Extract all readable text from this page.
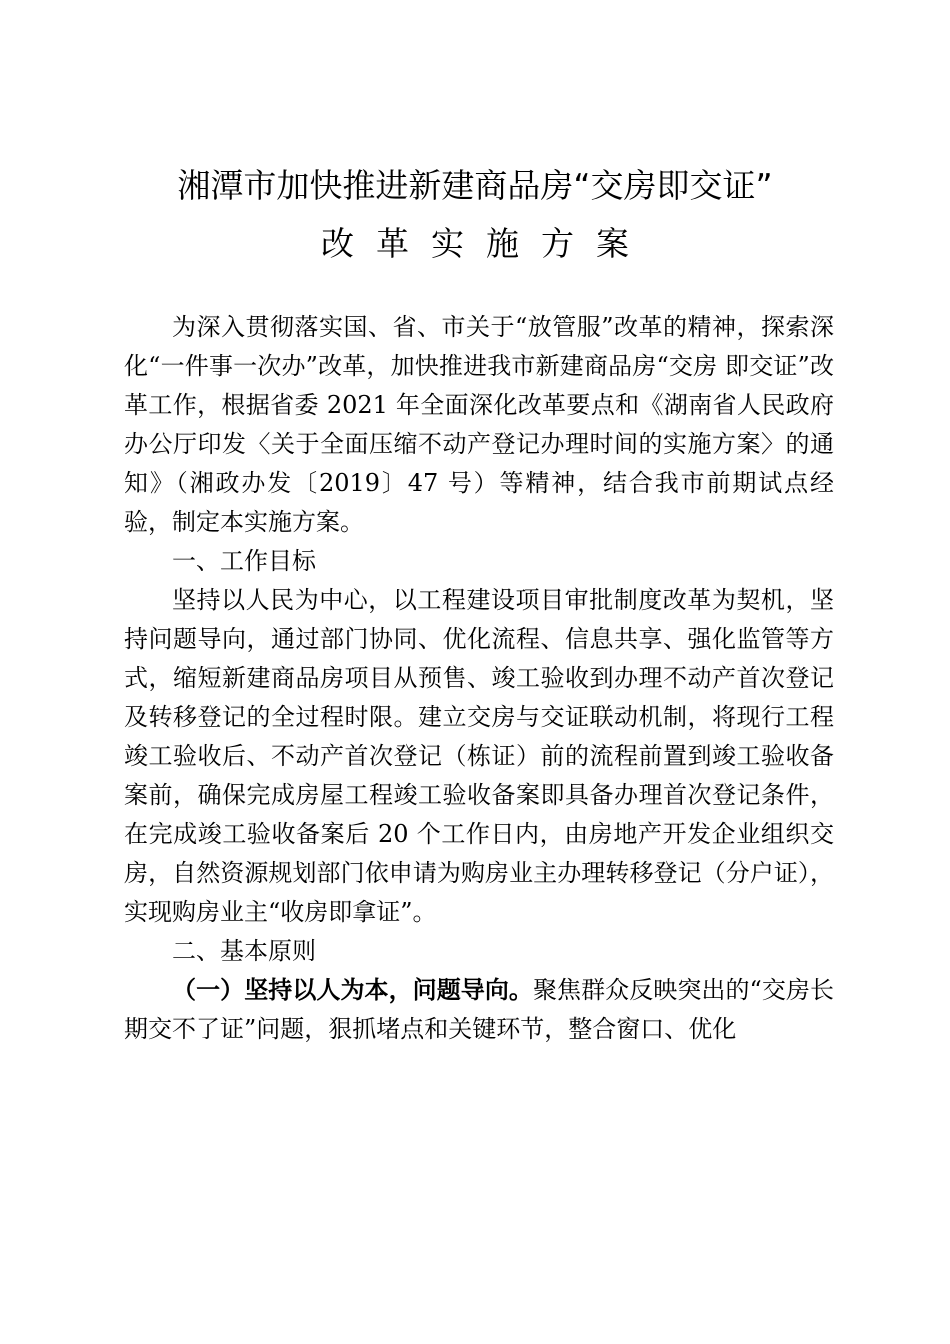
湘潭市加快推进新建商品房“交房即交证”
改革实施方案

为深入贯彻落实国、省、市关于“放管服”改革的精神，探索深化“一件事一次办”改革，加快推进我市新建商品房“交房 即交证”改革工作，根据省委 2021 年全面深化改革要点和《湖南省人民政府办公厅印发〈关于全面压缩不动产登记办理时间的实施方案〉的通知》（湘政办发〔2019〕47 号）等精神，结合我市前期试点经验，制定本实施方案。

一、工作目标

坚持以人民为中心，以工程建设项目审批制度改革为契机，坚持问题导向，通过部门协同、优化流程、信息共享、强化监管等方式，缩短新建商品房项目从预售、竣工验收到办理不动产首次登记及转移登记的全过程时限。建立交房与交证联动机制，将现行工程竣工验收后、不动产首次登记（栋证）前的流程前置到竣工验收备案前，确保完成房屋工程竣工验收备案即具备办理首次登记条件，在完成竣工验收备案后 20 个工作日内，由房地产开发企业组织交房，自然资源规划部门依申请为购房业主办理转移登记（分户证），实现购房业主“收房即拿证”。

二、基本原则

（一）坚持以人为本，问题导向。聚焦群众反映突出的“交房长期交不了证”问题，狠抓堵点和关键环节，整合窗口、优化
